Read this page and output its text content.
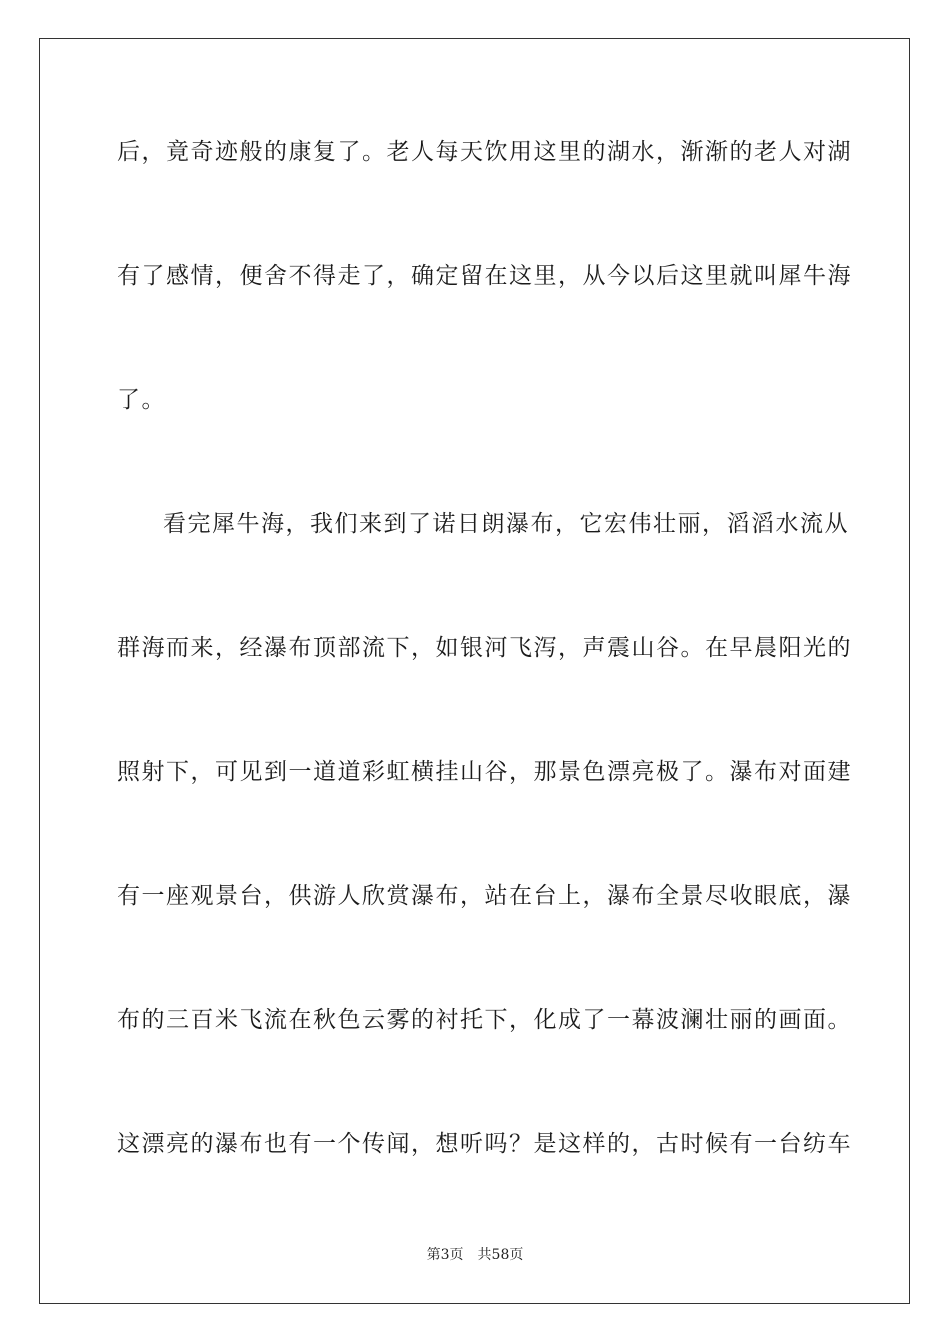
后，竟奇迹般的康复了。老人每天饮用这里的湖水，渐渐的老人对湖
有了感情，便舍不得走了，确定留在这里，从今以后这里就叫犀牛海
了。
看完犀牛海，我们来到了诺日朗瀑布，它宏伟壮丽，滔滔水流从
群海而来，经瀑布顶部流下，如银河飞泻，声震山谷。在早晨阳光的
照射下，可见到一道道彩虹横挂山谷，那景色漂亮极了。瀑布对面建
有一座观景台，供游人欣赏瀑布，站在台上，瀑布全景尽收眼底，瀑
布的三百米飞流在秋色云雾的衬托下，化成了一幕波澜壮丽的画面。
这漂亮的瀑布也有一个传闻，想听吗？是这样的，古时候有一台纺车
第3页 共58页
